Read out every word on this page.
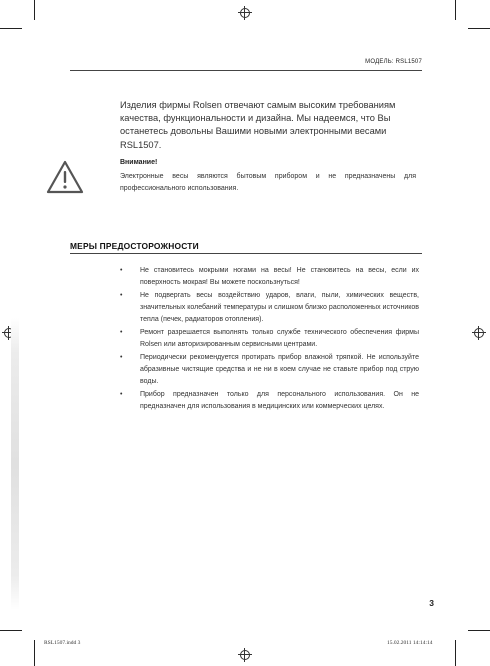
МОДЕЛЬ: RSL1507
Изделия фирмы Rolsen отвечают самым высоким требованиям качества, функциональности и дизайна. Мы надеемся, что Вы останетесь довольны Вашими новыми электронными весами RSL1507.
Внимание!
Электронные весы являются бытовым прибором и не предназначены для профессионального использования.
МЕРЫ ПРЕДОСТОРОЖНОСТИ
• Не становитесь мокрыми ногами на весы! Не становитесь на весы, если их поверхность мокрая! Вы можете поскользнуться!
• Не подвергать весы воздействию ударов, влаги, пыли, химических веществ, значительных колебаний температуры и слишком близко расположенных источников тепла (печек, радиаторов отопления).
• Ремонт разрешается выполнять только службе технического обеспечения фирмы Rolsen или авторизированным сервисными центрами.
• Периодически рекомендуется протирать прибор влажной тряпкой. Не используйте абразивные чистящие средства и не ни в коем случае не ставьте прибор под струю воды.
• Прибор предназначен только для персонального использования. Он не предназначен для использования в медицинских или коммерческих целях.
3
RSL1507.indd 3	15.02.2011 14:14:14
